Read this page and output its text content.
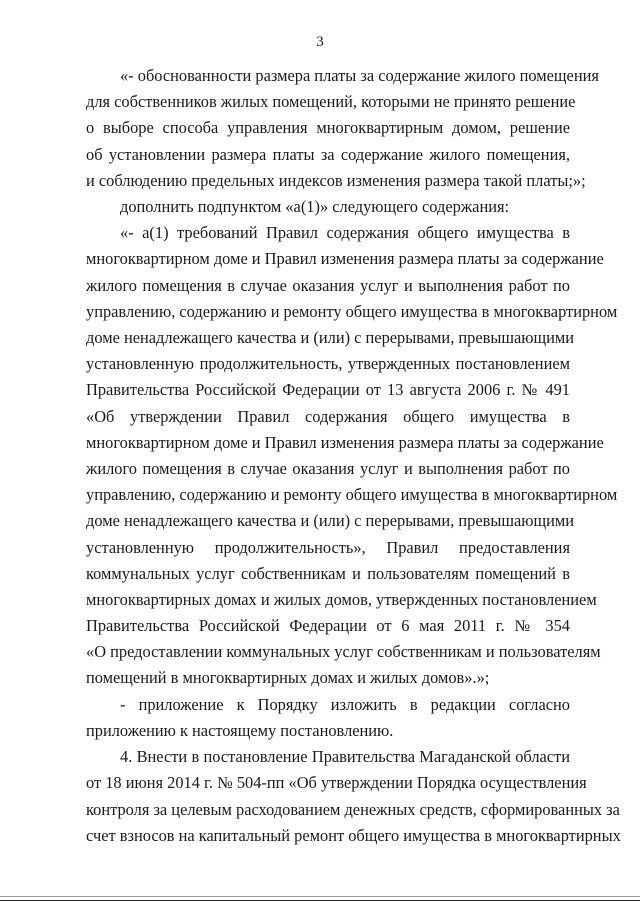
3
«- обоснованности размера платы за содержание жилого помещения
для собственников жилых помещений, которыми не принято решение
о выборе способа управления многоквартирным домом, решение
об установлении размера платы за содержание жилого помещения,
и соблюдению предельных индексов изменения размера такой платы;»;
дополнить подпунктом «а(1)» следующего содержания:
«- а(1) требований Правил содержания общего имущества в
многоквартирном доме и Правил изменения размера платы за содержание
жилого помещения в случае оказания услуг и выполнения работ по
управлению, содержанию и ремонту общего имущества в многоквартирном
доме ненадлежащего качества и (или) с перерывами, превышающими
установленную продолжительность, утвержденных постановлением
Правительства Российской Федерации от 13 августа 2006 г. № 491
«Об утверждении Правил содержания общего имущества в
многоквартирном доме и Правил изменения размера платы за содержание
жилого помещения в случае оказания услуг и выполнения работ по
управлению, содержанию и ремонту общего имущества в многоквартирном
доме ненадлежащего качества и (или) с перерывами, превышающими
установленную продолжительность», Правил предоставления
коммунальных услуг собственникам и пользователям помещений в
многоквартирных домах и жилых домов, утвержденных постановлением
Правительства Российской Федерации от 6 мая 2011 г. № 354
«О предоставлении коммунальных услуг собственникам и пользователям
помещений в многоквартирных домах и жилых домов».»;
- приложение к Порядку изложить в редакции согласно
приложению к настоящему постановлению.
4. Внести в постановление Правительства Магаданской области
от 18 июня 2014 г. № 504-пп «Об утверждении Порядка осуществления
контроля за целевым расходованием денежных средств, сформированных за
счет взносов на капитальный ремонт общего имущества в многоквартирных
